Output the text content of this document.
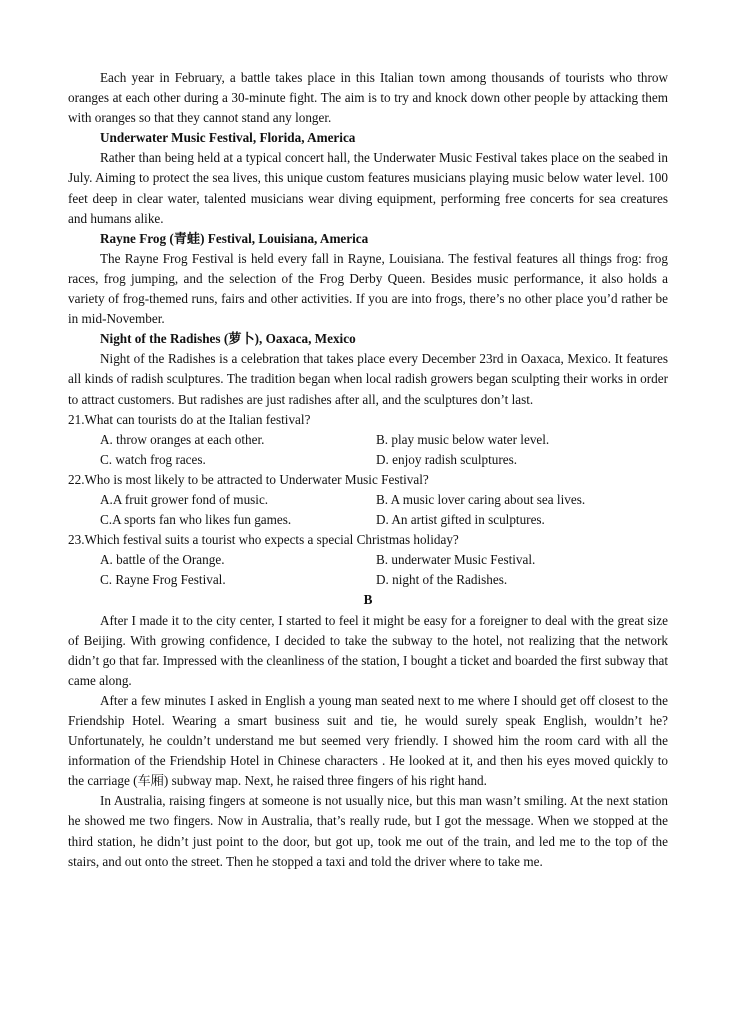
Each year in February, a battle takes place in this Italian town among thousands of tourists who throw oranges at each other during a 30-minute fight. The aim is to try and knock down other people by attacking them with oranges so that they cannot stand any longer.

Underwater Music Festival, Florida, America

Rather than being held at a typical concert hall, the Underwater Music Festival takes place on the seabed in July. Aiming to protect the sea lives, this unique custom features musicians playing music below water level. 100 feet deep in clear water, talented musicians wear diving equipment, performing free concerts for sea creatures and humans alike.

Rayne Frog (青蛙) Festival, Louisiana, America

The Rayne Frog Festival is held every fall in Rayne, Louisiana. The festival features all things frog: frog races, frog jumping, and the selection of the Frog Derby Queen. Besides music performance, it also holds a variety of frog-themed runs, fairs and other activities. If you are into frogs, there’s no other place you’d rather be in mid-November.

Night of the Radishes (萝卜), Oaxaca, Mexico

Night of the Radishes is a celebration that takes place every December 23rd in Oaxaca, Mexico. It features all kinds of radish sculptures. The tradition began when local radish growers began sculpting their works in order to attract customers. But radishes are just radishes after all, and the sculptures don’t last.

21.What can tourists do at the Italian festival?
A. throw oranges at each other.	B. play music below water level.
C. watch frog races.	D. enjoy radish sculptures.
22.Who is most likely to be attracted to Underwater Music Festival?
A.A fruit grower fond of music.	B. A music lover caring about sea lives.
C.A sports fan who likes fun games.	D. An artist gifted in sculptures.
23.Which festival suits a tourist who expects a special Christmas holiday?
A. battle of the Orange.	B. underwater Music Festival.
C. Rayne Frog Festival.	D. night of the Radishes.
B

After I made it to the city center, I started to feel it might be easy for a foreigner to deal with the great size of Beijing. With growing confidence, I decided to take the subway to the hotel, not realizing that the network didn’t go that far. Impressed with the cleanliness of the station, I bought a ticket and boarded the first subway that came along.

After a few minutes I asked in English a young man seated next to me where I should get off closest to the Friendship Hotel. Wearing a smart business suit and tie, he would surely speak English, wouldn’t he? Unfortunately, he couldn’t understand me but seemed very friendly. I showed him the room card with all the information of the Friendship Hotel in Chinese characters . He looked at it, and then his eyes moved quickly to the carriage (车厢) subway map. Next, he raised three fingers of his right hand.

In Australia, raising fingers at someone is not usually nice, but this man wasn’t smiling. At the next station he showed me two fingers. Now in Australia, that’s really rude, but I got the message. When we stopped at the third station, he didn’t just point to the door, but got up, took me out of the train, and led me to the top of the stairs, and out onto the street. Then he stopped a taxi and told the driver where to take me.
